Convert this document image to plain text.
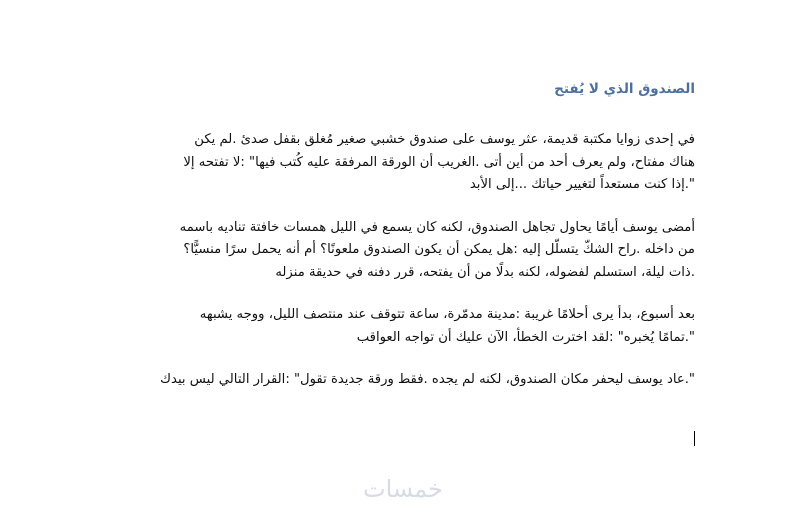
الصندوق الذي لا يُفتح

في إحدى زوايا مكتبة قديمة، عثر يوسف على صندوق خشبي صغير مُغلق بقفل صدئ .لم يكن
هناك مفتاح، ولم يعرف أحد من أين أتى .الغريب أن الورقة المرفقة عليه كُتب فيها" :لا تفتحه إلا
".إذا كنت مستعداً لتغيير حياتك ...إلى الأبد

أمضى يوسف أيامًا يحاول تجاهل الصندوق، لكنه كان يسمع في الليل همسات خافتة تناديه باسمه
من داخله .راح الشكّ يتسلّل إليه :هل يمكن أن يكون الصندوق ملعونًا؟ أم أنه يحمل سرًا منسيًّا؟
.ذات ليلة، استسلم لفضوله، لكنه بدلًا من أن يفتحه، قرر دفنه في حديقة منزله

بعد أسبوع، بدأ يرى أحلامًا غريبة :مدينة مدمّرة، ساعة تتوقف عند منتصف الليل، ووجه يشبهه
".تمامًا يُخبره" :لقد اخترت الخطأ، الآن عليك أن تواجه العواقب

".عاد يوسف ليحفر مكان الصندوق، لكنه لم يجده .فقط ورقة جديدة تقول" :القرار التالي ليس بيدك

خمسات
